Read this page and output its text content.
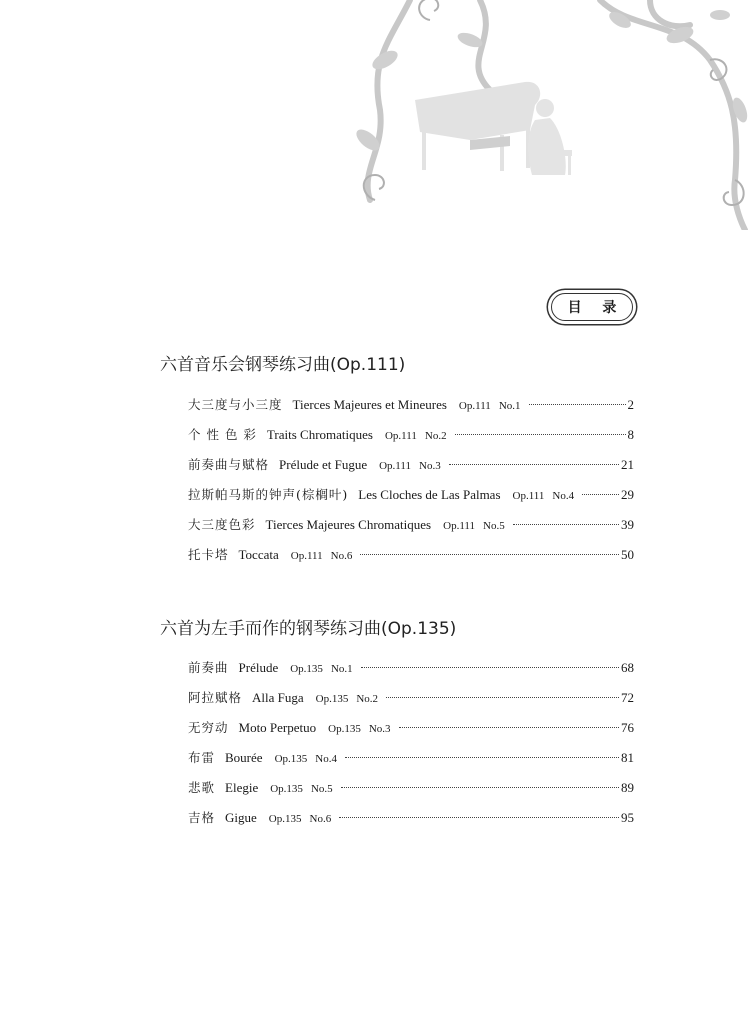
目 录
六首音乐会钢琴练习曲(Op.111)
大三度与小三度 Tierces Majeures et Mineures Op.111 No.1	2
个 性 色 彩 Traits Chromatiques Op.111 No.2	8
前奏曲与赋格 Prélude et Fugue Op.111 No.3	21
拉斯帕马斯的钟声(棕榈叶) Les Cloches de Las Palmas Op.111 No.4	29
大三度色彩 Tierces Majeures Chromatiques Op.111 No.5	39
托卡塔 Toccata Op.111 No.6	50
六首为左手而作的钢琴练习曲(Op.135)
前奏曲 Prélude Op.135 No.1	68
阿拉赋格 Alla Fuga Op.135 No.2	72
无穷动 Moto Perpetuo Op.135 No.3	76
布雷 Bourée Op.135 No.4	81
悲歌 Elegie Op.135 No.5	89
吉格 Gigue Op.135 No.6	95
